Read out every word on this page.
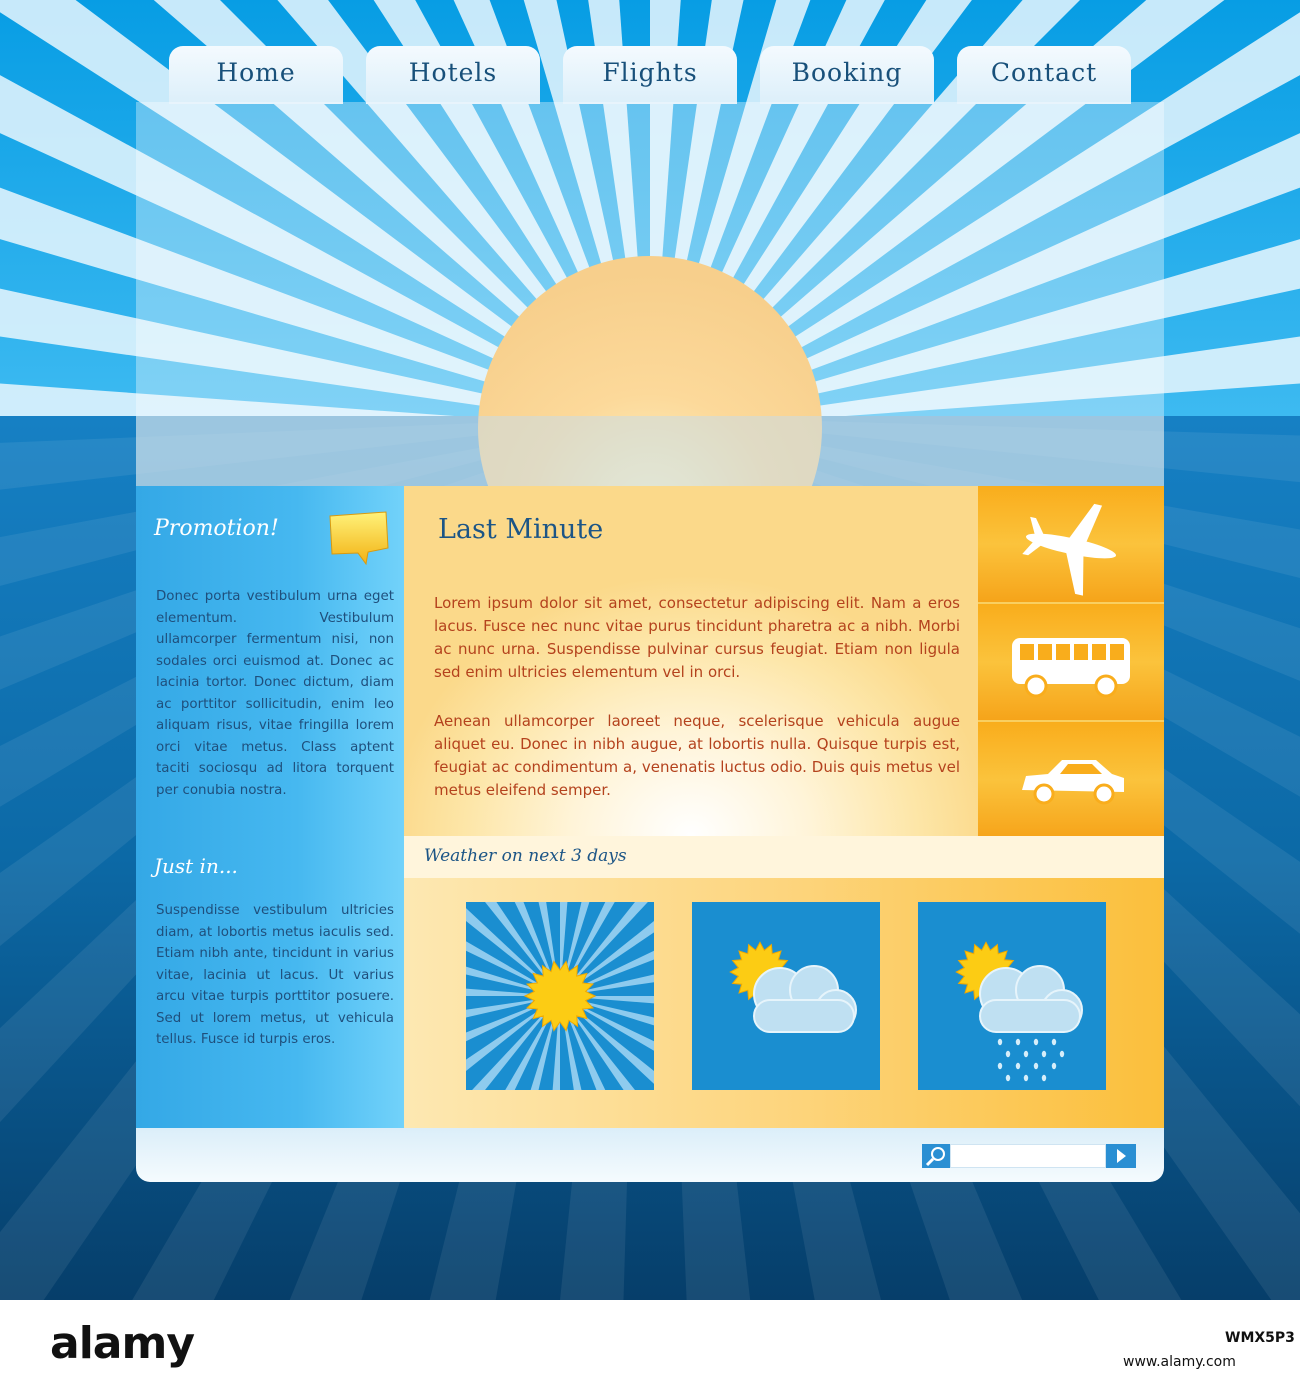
Home	Hotels	Flights	Booking	Contact
Promotion!
Donec porta vestibulum urna eget elementum. Vestibulum ullamcorper fermentum nisi, non sodales orci euismod at. Donec ac lacinia tortor. Donec dictum, diam ac porttitor sollicitudin, enim leo aliquam risus, vitae fringilla lorem orci vitae metus. Class aptent taciti sociosqu ad litora torquent per conubia nostra.
Just in...
Suspendisse vestibulum ultricies diam, at lobortis metus iaculis sed. Etiam nibh ante, tincidunt in varius vitae, lacinia ut lacus. Ut varius arcu vitae turpis porttitor posuere. Sed ut lorem metus, ut vehicula tellus. Fusce id turpis eros.
Last Minute
Lorem ipsum dolor sit amet, consectetur adipiscing elit. Nam a eros lacus. Fusce nec nunc vitae purus tincidunt pharetra ac a nibh. Morbi ac nunc urna. Suspendisse pulvinar cursus feugiat. Etiam non ligula sed enim ultricies elementum vel in orci.
Aenean ullamcorper laoreet neque, scelerisque vehicula augue aliquet eu. Donec in nibh augue, at lobortis nulla. Quisque turpis est, feugiat ac condimentum a, venenatis luctus odio. Duis quis metus vel metus eleifend semper.
Weather on next 3 days
alamy	WMX5P3
www.alamy.com
